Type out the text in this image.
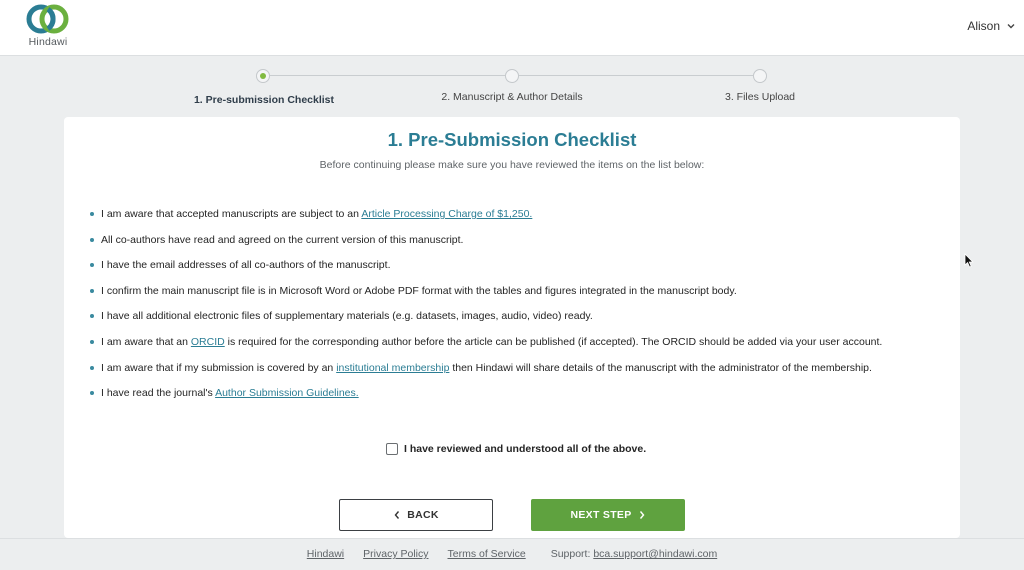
Hindawi
Alison
1. Pre-submission Checklist	2. Manuscript & Author Details	3. Files Upload
1. Pre-Submission Checklist
Before continuing please make sure you have reviewed the items on the list below:
I am aware that accepted manuscripts are subject to an Article Processing Charge of $1,250.
All co-authors have read and agreed on the current version of this manuscript.
I have the email addresses of all co-authors of the manuscript.
I confirm the main manuscript file is in Microsoft Word or Adobe PDF format with the tables and figures integrated in the manuscript body.
I have all additional electronic files of supplementary materials (e.g. datasets, images, audio, video) ready.
I am aware that an ORCID is required for the corresponding author before the article can be published (if accepted). The ORCID should be added via your user account.
I am aware that if my submission is covered by an institutional membership then Hindawi will share details of the manuscript with the administrator of the membership.
I have read the journal's Author Submission Guidelines.
I have reviewed and understood all of the above.
BACK	NEXT STEP
Hindawi Privacy Policy Terms of Service Support: bca.support@hindawi.com
